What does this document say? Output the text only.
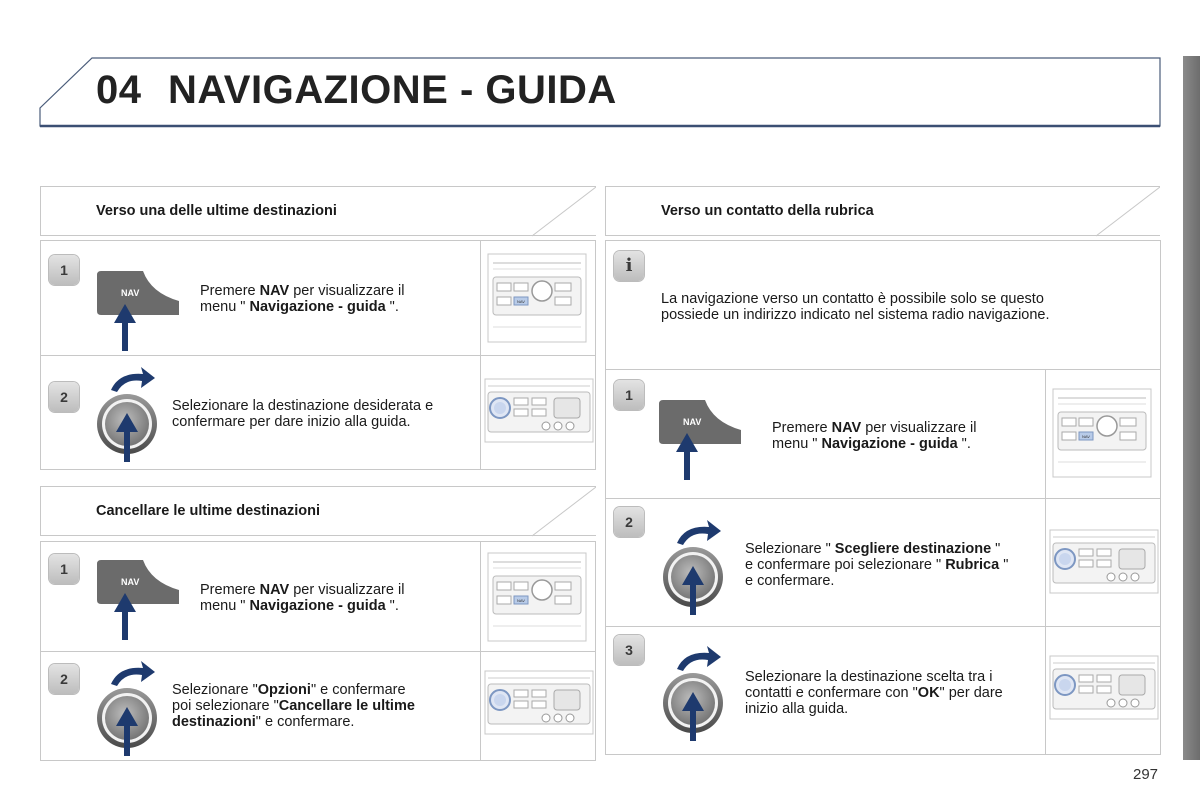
04 NAVIGAZIONE - GUIDA
Verso una delle ultime destinazioni
1
Premere NAV per visualizzare il
menu " Navigazione - guida ".
2
Selezionare la destinazione desiderata e
confermare per dare inizio alla guida.
Cancellare le ultime destinazioni
1
Premere NAV per visualizzare il
menu " Navigazione - guida ".
2
Selezionare "Opzioni" e confermare
poi selezionare "Cancellare le ultime
destinazioni" e confermare.
Verso un contatto della rubrica
i
La navigazione verso un contatto è possibile solo se questo
possiede un indirizzo indicato nel sistema radio navigazione.
1
Premere NAV per visualizzare il
menu " Navigazione - guida ".
2
Selezionare " Scegliere destinazione "
e confermare poi selezionare " Rubrica "
e confermare.
3
Selezionare la destinazione scelta tra i
contatti e confermare con "OK" per dare
inizio alla guida.
297
